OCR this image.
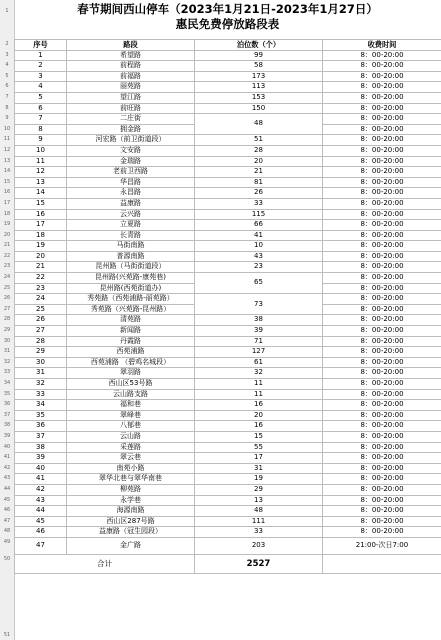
春节期间西山停车（2023年1月21日-2023年1月27日）
惠民免费停放路段表
序号	路段	泊位数（个）	收费时间
1	希望路	99	8：00-20:00
2	前程路	58	8：00-20:00
3	前福路	173	8：00-20:00
4	丽苑路	113	8：00-20:00
5	望江路	153	8：00-20:00
6	前旺路	150	8：00-20:00
7	二庄街	48	8：00-20:00
8	拥金路		8：00-20:00
9	河宏路（前卫街道段）	51	8：00-20:00
10	文安路	28	8：00-20:00
11	金瑞路	20	8：00-20:00
12	老前卫西路	21	8：00-20:00
13	华昌路	81	8：00-20:00
14	永昌路	26	8：00-20:00
15	益康路	33	8：00-20:00
16	云兴路	115	8：00-20:00
17	立夏路	66	8：00-20:00
18	长青路	41	8：00-20:00
19	马街南路	10	8：00-20:00
20	普源南路	43	8：00-20:00
21	昆州路（马街街道段）	23	8：00-20:00
22	昆州路(兴苑路-康苑巷)	65	8：00-20:00
23	昆州路(西苑街道办)		8：00-20:00
24	秀苑路（西苑浦路-丽苑路）	73	8：00-20:00
25	秀苑路（兴苑路-昆州路）		8：00-20:00
26	清苑路	38	8：00-20:00
27	新闻路	39	8：00-20:00
28	丹霞路	71	8：00-20:00
29	西苑浦路	127	8：00-20:00
30	西苑浦路 （碧鸡名城段）	61	8：00-20:00
31	翠羽路	32	8：00-20:00
32	西山区53号路	11	8：00-20:00
33	云山路支路	11	8：00-20:00
34	福和巷	16	8：00-20:00
35	翠峰巷	20	8：00-20:00
36	八郁巷	16	8：00-20:00
37	云山路	15	8：00-20:00
38	采莲路	55	8：00-20:00
39	翠云巷	17	8：00-20:00
40	南苑小路	31	8：00-20:00
41	翠华北巷与翠华南巷	19	8：00-20:00
42	柳苑路	29	8：00-20:00
43	永学巷	13	8：00-20:00
44	海源南路	48	8：00-20:00
45	西山区287号路	111	8：00-20:00
46	益康路（冠生园段）	33	8：00-20:00
47	金广路	203	21:00-次日7:00
合计		2527	
1
2
3
4
5
6
7
8
9
10
11
12
13
14
15
16
17
18
19
20
21
22
23
24
25
26
27
28
29
30
31
32
33
34
35
36
37
38
39
40
41
42
43
44
45
46
47
48
49
50
51
